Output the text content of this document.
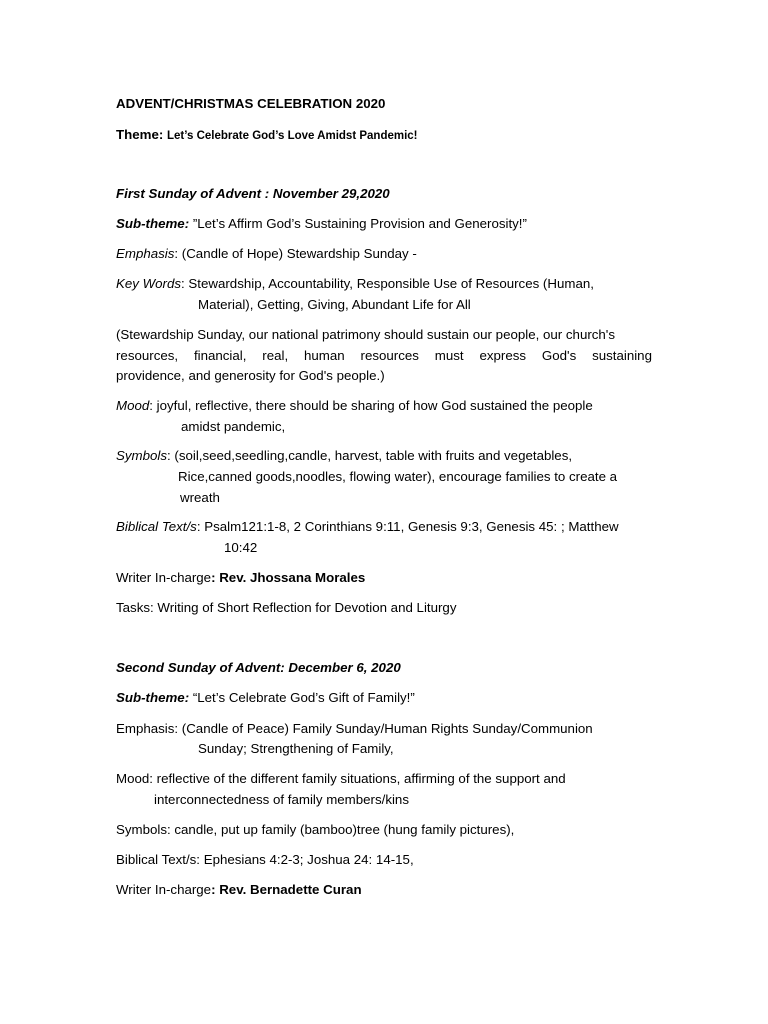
ADVENT/CHRISTMAS CELEBRATION 2020
Theme: Let’s Celebrate God’s Love Amidst Pandemic!
First Sunday of Advent : November 29,2020
Sub-theme: ”Let’s Affirm God’s Sustaining Provision and Generosity!”
Emphasis: (Candle of Hope) Stewardship Sunday -
Key Words: Stewardship, Accountability, Responsible Use of Resources (Human,
Material), Getting, Giving, Abundant Life for All
(Stewardship Sunday, our national patrimony should sustain our people, our church's
resources, financial, real, human resources must express God's sustaining
providence, and generosity for God's people.)
Mood: joyful, reflective, there should be sharing of how God sustained the people
amidst pandemic,
Symbols: (soil,seed,seedling,candle, harvest, table with fruits and vegetables,
Rice,canned goods,noodles, flowing water), encourage families to create a
wreath
Biblical Text/s: Psalm121:1-8, 2 Corinthians 9:11, Genesis 9:3, Genesis 45: ; Matthew
10:42
Writer In-charge: Rev. Jhossana Morales
Tasks: Writing of Short Reflection for Devotion and Liturgy
Second Sunday of Advent: December 6, 2020
Sub-theme: “Let’s Celebrate God’s Gift of Family!”
Emphasis: (Candle of Peace) Family Sunday/Human Rights Sunday/Communion
Sunday; Strengthening of Family,
Mood: reflective of the different family situations, affirming of the support and
interconnectedness of family members/kins
Symbols: candle, put up family (bamboo)tree (hung family pictures),
Biblical Text/s: Ephesians 4:2-3; Joshua 24: 14-15,
Writer In-charge: Rev. Bernadette Curan
